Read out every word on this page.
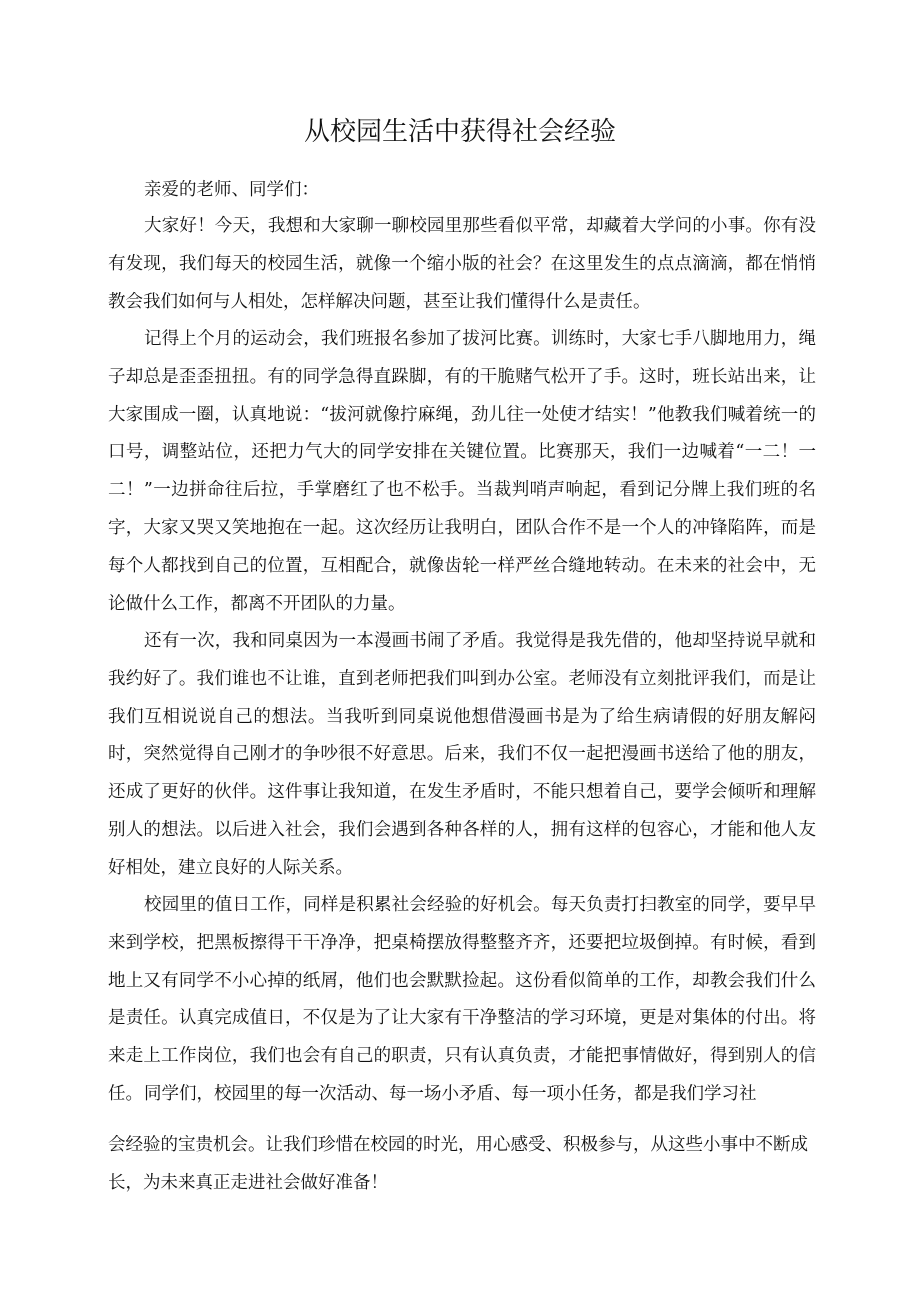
从校园生活中获得社会经验

亲爱的老师、同学们：

大家好！今天，我想和大家聊一聊校园里那些看似平常，却藏着大学问的小事。你有没有发现，我们每天的校园生活，就像一个缩小版的社会？在这里发生的点点滴滴，都在悄悄教会我们如何与人相处，怎样解决问题，甚至让我们懂得什么是责任。

记得上个月的运动会，我们班报名参加了拔河比赛。训练时，大家七手八脚地用力，绳子却总是歪歪扭扭。有的同学急得直跺脚，有的干脆赌气松开了手。这时，班长站出来，让大家围成一圈，认真地说：“拔河就像拧麻绳，劲儿往一处使才结实！”他教我们喊着统一的口号，调整站位，还把力气大的同学安排在关键位置。比赛那天，我们一边喊着“一二！一二！”一边拼命往后拉，手掌磨红了也不松手。当裁判哨声响起，看到记分牌上我们班的名字，大家又哭又笑地抱在一起。这次经历让我明白，团队合作不是一个人的冲锋陷阵，而是每个人都找到自己的位置，互相配合，就像齿轮一样严丝合缝地转动。在未来的社会中，无论做什么工作，都离不开团队的力量。

还有一次，我和同桌因为一本漫画书闹了矛盾。我觉得是我先借的，他却坚持说早就和我约好了。我们谁也不让谁，直到老师把我们叫到办公室。老师没有立刻批评我们，而是让我们互相说说自己的想法。当我听到同桌说他想借漫画书是为了给生病请假的好朋友解闷时，突然觉得自己刚才的争吵很不好意思。后来，我们不仅一起把漫画书送给了他的朋友，还成了更好的伙伴。这件事让我知道，在发生矛盾时，不能只想着自己，要学会倾听和理解别人的想法。以后进入社会，我们会遇到各种各样的人，拥有这样的包容心，才能和他人友好相处，建立良好的人际关系。

校园里的值日工作，同样是积累社会经验的好机会。每天负责打扫教室的同学，要早早来到学校，把黑板擦得干干净净，把桌椅摆放得整整齐齐，还要把垃圾倒掉。有时候，看到地上又有同学不小心掉的纸屑，他们也会默默捡起。这份看似简单的工作，却教会我们什么是责任。认真完成值日，不仅是为了让大家有干净整洁的学习环境，更是对集体的付出。将来走上工作岗位，我们也会有自己的职责，只有认真负责，才能把事情做好，得到别人的信任。 同学们，校园里的每一次活动、每一场小矛盾、每一项小任务，都是我们学习社

会经验的宝贵机会。让我们珍惜在校园的时光，用心感受、积极参与，从这些小事中不断成长，为未来真正走进社会做好准备！
